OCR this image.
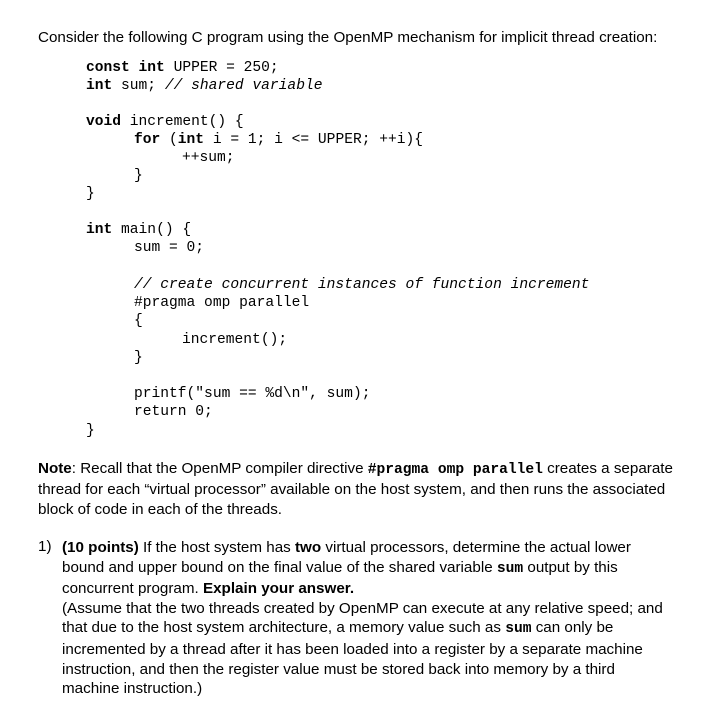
Consider the following C program using the OpenMP mechanism for implicit thread creation:
const int UPPER = 250;
int sum; // shared variable
void increment() {
for (int i = 1; i <= UPPER; ++i){
++sum;
}
}
int main() {
sum = 0;
// create concurrent instances of function increment
#pragma omp parallel
{
increment();
}
printf("sum == %d\n", sum);
return 0;
}
Note: Recall that the OpenMP compiler directive #pragma omp parallel creates a separate thread for each “virtual processor” available on the host system, and then runs the associated block of code in each of the threads.
1) (10 points) If the host system has two virtual processors, determine the actual lower bound and upper bound on the final value of the shared variable sum output by this concurrent program. Explain your answer.
(Assume that the two threads created by OpenMP can execute at any relative speed; and that due to the host system architecture, a memory value such as sum can only be incremented by a thread after it has been loaded into a register by a separate machine instruction, and then the register value must be stored back into memory by a third machine instruction.)
